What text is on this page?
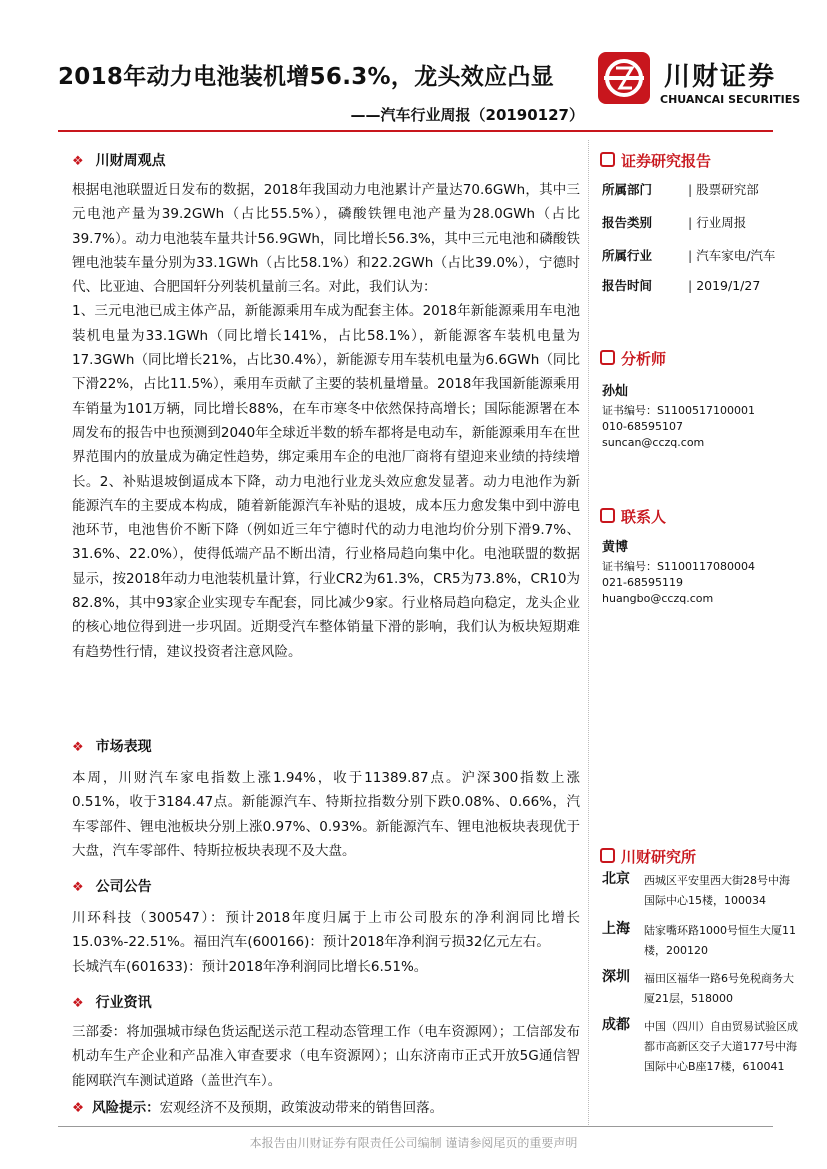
2018年动力电池装机增56.3%，龙头效应凸显
——汽车行业周报（20190127）
川财证券
CHUANCAI SECURITIES
❖ 川财周观点

根据电池联盟近日发布的数据，2018年我国动力电池累计产量达70.6GWh，其中三元电池产量为39.2GWh（占比55.5%），磷酸铁锂电池产量为28.0GWh（占比39.7%）。动力电池装车量共计56.9GWh，同比增长56.3%，其中三元电池和磷酸铁锂电池装车量分别为33.1GWh（占比58.1%）和22.2GWh（占比39.0%），宁德时代、比亚迪、合肥国轩分列装机量前三名。对此，我们认为：

1、三元电池已成主体产品，新能源乘用车成为配套主体。2018年新能源乘用车电池装机电量为33.1GWh（同比增长141%，占比58.1%），新能源客车装机电量为17.3GWh（同比增长21%，占比30.4%），新能源专用车装机电量为6.6GWh（同比下滑22%，占比11.5%），乘用车贡献了主要的装机量增量。2018年我国新能源乘用车销量为101万辆，同比增长88%，在车市寒冬中依然保持高增长；国际能源署在本周发布的报告中也预测到2040年全球近半数的轿车都将是电动车，新能源乘用车在世界范围内的放量成为确定性趋势，绑定乘用车企的电池厂商将有望迎来业绩的持续增长。2、补贴退坡倒逼成本下降，动力电池行业龙头效应愈发显著。动力电池作为新能源汽车的主要成本构成，随着新能源汽车补贴的退坡，成本压力愈发集中到中游电池环节，电池售价不断下降（例如近三年宁德时代的动力电池均价分别下滑9.7%、31.6%、22.0%），使得低端产品不断出清，行业格局趋向集中化。电池联盟的数据显示，按2018年动力电池装机量计算，行业CR2为61.3%，CR5为73.8%，CR10为82.8%，其中93家企业实现专车配套，同比减少9家。行业格局趋向稳定，龙头企业的核心地位得到进一步巩固。近期受汽车整体销量下滑的影响，我们认为板块短期难有趋势性行情，建议投资者注意风险。

❖ 市场表现

本周，川财汽车家电指数上涨1.94%，收于11389.87点。沪深300指数上涨0.51%，收于3184.47点。新能源汽车、特斯拉指数分别下跌0.08%、0.66%，汽车零部件、锂电池板块分别上涨0.97%、0.93%。新能源汽车、锂电池板块表现优于大盘，汽车零部件、特斯拉板块表现不及大盘。

❖ 公司公告

川环科技（300547）：预计2018年度归属于上市公司股东的净利润同比增长15.03%-22.51%。福田汽车(600166)：预计2018年净利润亏损32亿元左右。

长城汽车(601633)：预计2018年净利润同比增长6.51%。

❖ 行业资讯

三部委：将加强城市绿色货运配送示范工程动态管理工作（电车资源网）；工信部发布机动车生产企业和产品准入审查要求（电车资源网）；山东济南市正式开放5G通信智能网联汽车测试道路（盖世汽车）。

❖ 风险提示：宏观经济不及预期，政策波动带来的销售回落。
证券研究报告
所属部门	| 股票研究部
报告类别	| 行业周报
所属行业	| 汽车家电/汽车
报告时间	| 2019/1/27
分析师
孙灿
证书编号：S1100517100001
010-68595107
suncan@cczq.com
联系人
黄博
证书编号：S1100117080004
021-68595119
huangbo@cczq.com
川财研究所
北京 西城区平安里西大街28号中海国际中心15楼，100034
上海 陆家嘴环路1000号恒生大厦11楼，200120
深圳 福田区福华一路6号免税商务大厦21层，518000
成都 中国（四川）自由贸易试验区成都市高新区交子大道177号中海国际中心B座17楼，610041
本报告由川财证券有限责任公司编制 谨请参阅尾页的重要声明
